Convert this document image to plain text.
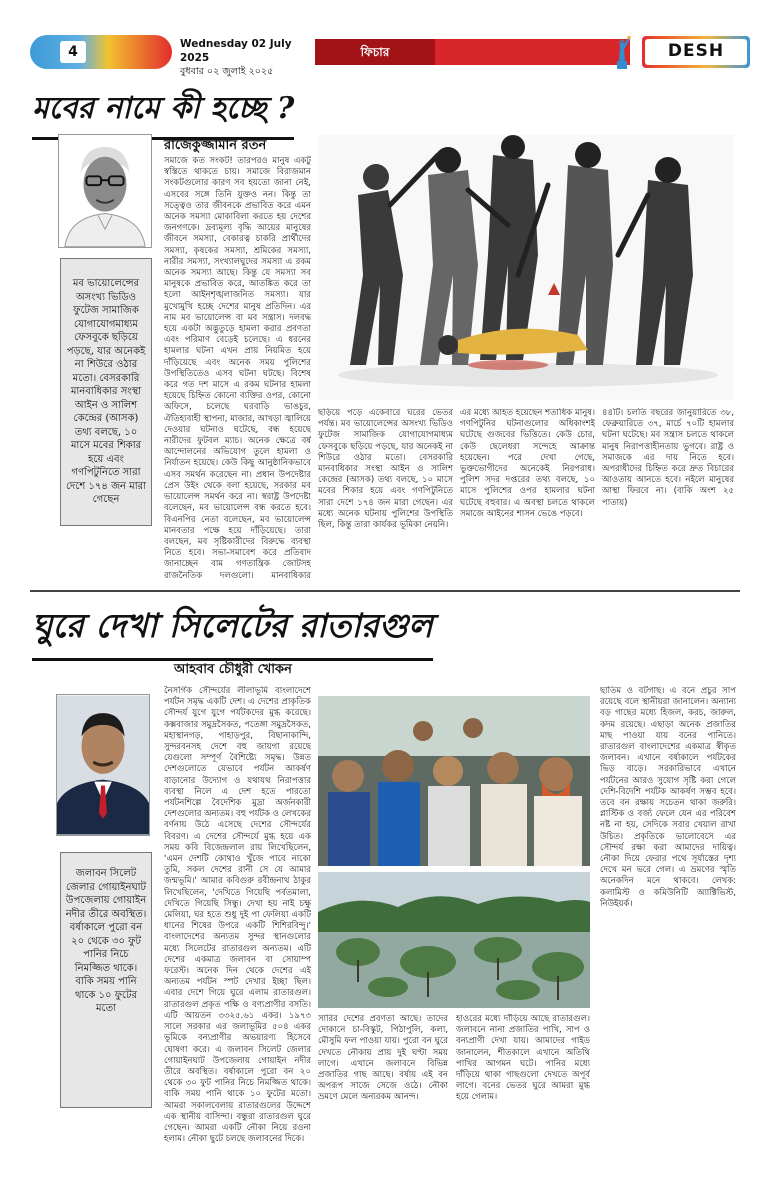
4	Wednesday 02 July 2025
বুধবার ০২ জুলাই ২০২৫
ফিচার	DESH
মবের নামে কী হচ্ছে ?
রাজেকুজ্জামান রতন
মব ভায়োলেন্সের অসংখ্য ভিডিও ফুটেজ সামাজিক যোগাযোগমাধ্যম ফেসবুকে ছড়িয়ে পড়ছে, যার অনেকই না শিউরে ওঠার মতো। বেসরকারি মানবাধিকার সংস্থা আইন ও সালিশ কেন্দ্রের (আসক) তথ্য বলছে, ১০ মাসে মবের শিকার হয়ে এবং গণপিটুনিতে সারা দেশে ১৭৪ জন মারা গেছেন
সমাজে কত সংকট! তারপরও মানুষ একটু স্বস্তিতে থাকতে চায়। সমাজে বিরাজমান সংকটগুলোর কারণ সব হয়তো জানা নেই, এসবের সঙ্গে তিনি যুক্তও নন। কিন্তু তা সত্ত্বেও তার জীবনকে প্রভাবিত করে এমন অনেক সমস্যা মোকাবিলা করতে হয় দেশের জনগণকে। দ্রব্যমূল্য বৃদ্ধি আয়ের মানুষের জীবনে সমস্যা, বেকারত্ব চাকরি প্রার্থীদের সমস্যা, কৃষকের সমস্যা, শ্রমিকের সমস্যা, নারীর সমস্যা, সংখ্যালঘুদের সমস্যা এ রকম অনেক সমস্যা আছে। কিন্তু যে সমস্যা সব মানুষকে প্রভাবিত করে, আতঙ্কিত করে তা হলো আইনশৃঙ্খলাজনিত সমস্যা। যার মুখোমুখি হচ্ছে দেশের মানুষ প্রতিদিন। এর নাম মব ভায়োলেন্স বা মব সন্ত্রাস। দলবদ্ধ হয়ে একটা অদ্ভুতুড়ে হামলা করার প্রবণতা এবং পরিমাণ বেড়েই চলেছে। এ ধরনের হামলার ঘটনা এখন প্রায় নিয়মিত হয়ে দাঁড়িয়েছে এবং অনেক সময় পুলিশের উপস্থিতিতেও এসব ঘটনা ঘটছে। বিশেষ করে গত দশ মাসে এ রকম ঘটনার হামলা হয়েছে চিহ্নিত কোনো ব্যক্তির ওপর, কোনো অফিসে, চলেছে ঘরবাড়ি ভাঙচুর, ঐতিহ্যবাহী স্থাপনা, মাজার, আখড়া জ্বালিয়ে দেওয়ার ঘটনাও ঘটেছে, বন্ধ হয়েছে নারীদের ফুটবল ম্যাচ। অনেক ক্ষেত্রে বর্ষ আন্দোলনের অভিযোগ তুলে হামলা ও নির্যাতন হয়েছে। কেউ কিছু আনুষ্ঠানিকভাবে এসব সমর্থন করেছেন না। প্রধান উপদেষ্টার প্রেস উইং থেকে বলা হয়েছে, সরকার মব ভায়োলেন্স সমর্থন করে না। স্বরাষ্ট্র উপদেষ্টা বলেছেন, মব ভায়োলেন্স বন্ধ করতে হবে। বিএনপির নেতা বলেছেন, মব ভায়োলেন্স মানবতার পক্ষে হয়ে দাঁড়িয়েছে। তারা বলছেন, মব সৃষ্টিকারীদের বিরুদ্ধে ব্যবস্থা নিতে হবে। সভা-সমাবেশ করে প্রতিবাদ জানাচ্ছেন বাম গণতান্ত্রিক জোটসহ রাজনৈতিক দলগুলো। মানবাধিকার
ছড়িয়ে পড়ে একেবারে ঘরের ভেতর পর্যন্ত। মব ভায়োলেন্সের অসংখ্য ভিডিও ফুটেজ সামাজিক যোগাযোগমাধ্যম ফেসবুকে ছড়িয়ে পড়ছে, যার অনেকই না শিউরে ওঠার মতো। বেসরকারি মানবাধিকার সংস্থা আইন ও সালিশ কেন্দ্রের (আসক) তথ্য বলছে, ১০ মাসে মবের শিকার হয়ে এবং গণপিটুনিতে সারা দেশে ১৭৪ জন মারা গেছেন। এর মধ্যে অনেক ঘটনায় পুলিশের উপস্থিতি ছিল, কিন্তু তারা কার্যকর ভূমিকা নেয়নি।
এর মধ্যে আহত হয়েছেন শতাধিক মানুষ। গণপিটুনির ঘটনাগুলোর অধিকাংশই ঘটেছে গুজবের ভিত্তিতে। কেউ চোর, কেউ ছেলেধরা সন্দেহে আক্রান্ত হয়েছেন। পরে দেখা গেছে, ভুক্তভোগীদের অনেকেই নিরপরাধ। পুলিশ সদর দপ্তরের তথ্য বলছে, ১০ মাসে পুলিশের ওপর হামলার ঘটনা ঘটেছে বহুবার। এ অবস্থা চলতে থাকলে সমাজে আইনের শাসন ভেঙে পড়বে।
৪৪টি। চলতি বছরের জানুয়ারিতে ৩৮, ফেব্রুয়ারিতে ৩৭, মার্চে ৭০টি হামলার ঘটনা ঘটেছে। মব সন্ত্রাস চলতে থাকলে মানুষ নিরাপত্তাহীনতায় ভুগবে। রাষ্ট্র ও সমাজকে এর দায় নিতে হবে। অপরাধীদের চিহ্নিত করে দ্রুত বিচারের আওতায় আনতে হবে। নইলে মানুষের আস্থা ফিরবে না। (বাকি অংশ ২৫ পাতায়)
ঘুরে দেখা সিলেটের রাতারগুল
আহবাব চৌধুরী খোকন
জলাবন সিলেট জেলার গোয়াইনঘাট উপজেলায় গোয়াইন নদীর তীরে অবস্থিত। বর্ষাকালে পুরো বন ২০ থেকে ৩০ ফুট পানির নিচে নিমজ্জিত থাকে। বাকি সময় পানি থাকে ১০ ফুটের মতো
নৈসর্গিক সৌন্দর্যের লীলাভূমি বাংলাদেশে পর্যটন সমৃদ্ধ একটি দেশ। এ দেশের প্রাকৃতিক সৌন্দর্য যুগে যুগে পর্যটকদের মুগ্ধ করেছে। কক্সবাজার সমুদ্রসৈকত, পতেঙ্গা সমুদ্রসৈকত, মহাস্থানগড়, পাহাড়পুর, বিছানাকান্দি, সুন্দরবনসহ দেশে বহু জায়গা রয়েছে যেগুলো সম্পূর্ণ বৈশিষ্ট্যে সমৃদ্ধ। উন্নত দেশগুলোতে যেভাবে পর্যটন আকর্ষণ বাড়ানোর উদ্যোগ ও যথাযথ নিরাপত্তার ব্যবস্থা নিলে এ দেশ হতে পারতো পর্যটনশিল্পে বৈদেশিক মুদ্রা অর্জনকারী দেশগুলোর অন্যতম। বহু পর্যটক ও লেখকের বর্ণনায় উঠে এসেছে দেশের সৌন্দর্যের বিবরণ। এ দেশের সৌন্দর্যে মুগ্ধ হয়ে এক সময় কবি বিজেন্দ্রলাল রায় লিখেছিলেন, 'এমন দেশটি কোথাও খুঁজে পাবে নাকো তুমি, সকল দেশের রানী সে যে আমার জন্মভূমি।' আমার কবিগুরু রবীন্দ্রনাথ ঠাকুর লিখেছিলেন, 'দেখিতে গিয়েছি পর্বতমালা, দেখিতে গিয়েছি সিন্ধু। দেখা হয় নাই চক্ষু মেলিয়া, ঘর হতে শুধু দুই পা ফেলিয়া একটি ধানের শিষের উপরে একটি শিশিরবিন্দু।' বাংলাদেশের অন্যতম সুন্দর স্থানগুলোর মধ্যে সিলেটের রাতারগুল অন্যতম। এটি দেশের একমাত্র জলাবন বা সোয়াম্প ফরেস্ট। অনেক দিন থেকে দেশের এই অন্যতম পর্যটন স্পট দেখার ইচ্ছা ছিল। এবার দেশে গিয়ে ঘুরে এলাম রাতারগুল। রাতারগুল প্রকৃত পক্ষি ও বণ্যপ্রাণীর বসতি। এটি আয়তন ৩৩২৫.৬১ একর। ১৯৭৩ সালে সরকার এর জলাভূমির ৫০৪ একর ভূমিকে বন্যপ্রাণীর অভয়ারণ্য হিসেবে ঘোষণা করে। এ জলাবন সিলেট জেলার গোয়াইনঘাট উপজেলায় গোয়াইন নদীর তীরে অবস্থিত। বর্ষাকালে পুরো বন ২০ থেকে ৩০ ফুট পানির নিচে নিমজ্জিত থাকে। বাকি সময় পানি থাকে ১০ ফুটের মতো। আমরা সকালবেলায় রাতারগুলের উদ্দেশে এক স্থানীয় বাসিন্দা। বন্ধুরা রাতারগুল ঘুরে গেছেন। আমরা একটি নৌকা নিয়ে রওনা হলাম। নৌকা ছুটে চলছে জলাবনের দিকে।
সারির দেশের প্রবণতা আছে। তাদের দোকানে চা-বিস্কুট, পিঠাপুলি, কলা, মৌসুমি ফল পাওয়া যায়। পুরো বন ঘুরে দেখতে নৌকায় প্রায় দুই ঘণ্টা সময় লাগে। এখানে জলাবনে বিভিন্ন প্রজাতির গাছ আছে। বর্ষায় এই বন অপরূপ সাজে সেজে ওঠে। নৌকা ভ্রমণে মেলে অন্যরকম আনন্দ।
হাওরের মধ্যে দাঁড়িয়ে আছে রাতারগুল। জলাবনে নানা প্রজাতির পাখি, সাপ ও বন্যপ্রাণী দেখা যায়। আমাদের গাইড জানালেন, শীতকালে এখানে অতিথি পাখির আগমন ঘটে। পানির মধ্যে দাঁড়িয়ে থাকা গাছগুলো দেখতে অপূর্ব লাগে। বনের ভেতর ঘুরে আমরা মুগ্ধ হয়ে গেলাম।
ছাতিম ও বটগাছ। এ বনে প্রচুর সাপ রয়েছে বলে স্থানীয়রা জানালেন। অন্যান্য বড় গাছের মধ্যে হিজল, করচ, জারুল, কদম রয়েছে। এছাড়া অনেক প্রজাতির মাছ পাওয়া যায় বনের পানিতে। রাতারগুল বাংলাদেশের একমাত্র স্বীকৃত জলাবন। এখানে বর্ষাকালে পর্যটকের ভিড় বাড়ে। সরকারিভাবে এখানে পর্যটনের আরও সুযোগ সৃষ্টি করা গেলে দেশি-বিদেশি পর্যটক আকর্ষণ সম্ভব হবে। তবে বন রক্ষায় সচেতন থাকা জরুরি। প্লাস্টিক ও বর্জ্য ফেলে যেন এর পরিবেশ নষ্ট না হয়, সেদিকে সবার খেয়াল রাখা উচিত। প্রকৃতিকে ভালোবেসে এর সৌন্দর্য রক্ষা করা আমাদের দায়িত্ব। নৌকা দিয়ে ফেরার পথে সূর্যাস্তের দৃশ্য দেখে মন ভরে গেল। এ ভ্রমণের স্মৃতি অনেকদিন মনে থাকবে। লেখক: কলামিস্ট ও কমিউনিটি অ্যাক্টিভিস্ট, নিউইয়র্ক।
